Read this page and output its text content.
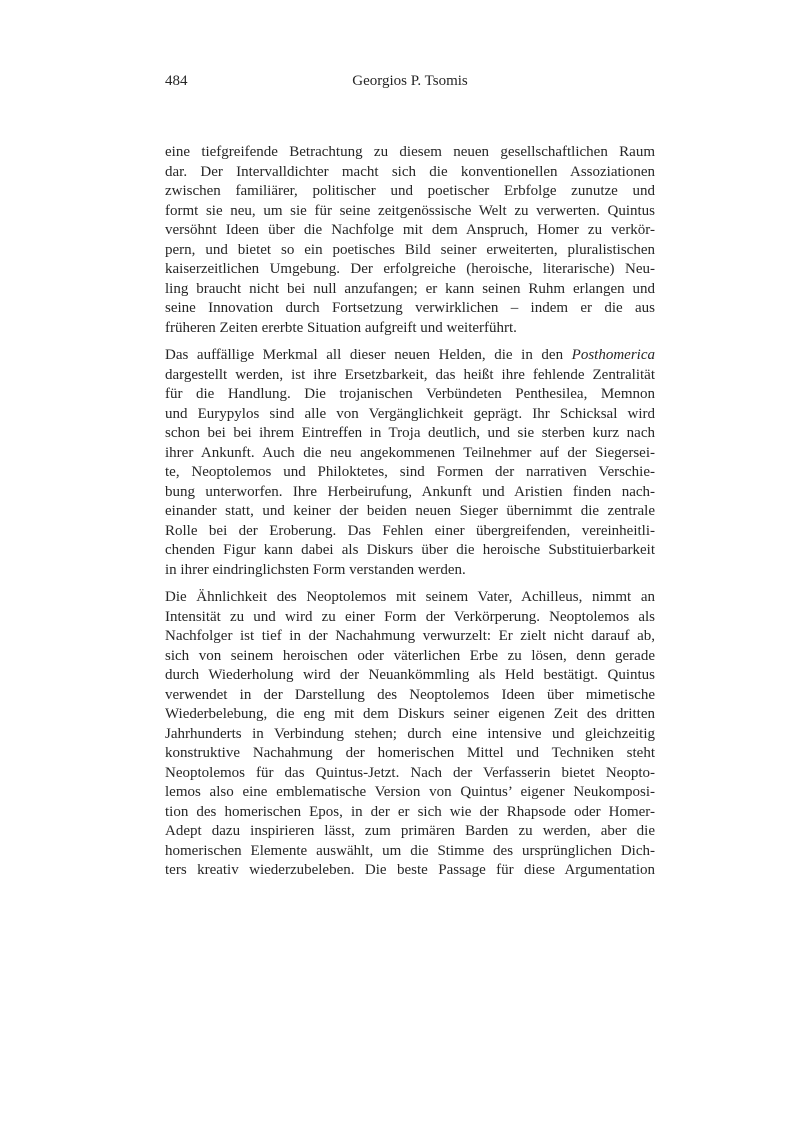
484	Georgios P. Tsomis
eine tiefgreifende Betrachtung zu diesem neuen gesellschaftlichen Raum
dar. Der Intervalldichter macht sich die konventionellen Assoziationen
zwischen familiärer, politischer und poetischer Erbfolge zunutze und
formt sie neu, um sie für seine zeitgenössische Welt zu verwerten. Quintus
versöhnt Ideen über die Nachfolge mit dem Anspruch, Homer zu verkör-
pern, und bietet so ein poetisches Bild seiner erweiterten, pluralistischen
kaiserzeitlichen Umgebung. Der erfolgreiche (heroische, literarische) Neu-
ling braucht nicht bei null anzufangen; er kann seinen Ruhm erlangen und
seine Innovation durch Fortsetzung verwirklichen – indem er die aus
früheren Zeiten ererbte Situation aufgreift und weiterführt.
Das auffällige Merkmal all dieser neuen Helden, die in den Posthomerica
dargestellt werden, ist ihre Ersetzbarkeit, das heißt ihre fehlende Zentralität
für die Handlung. Die trojanischen Verbündeten Penthesilea, Memnon
und Eurypylos sind alle von Vergänglichkeit geprägt. Ihr Schicksal wird
schon bei bei ihrem Eintreffen in Troja deutlich, und sie sterben kurz nach
ihrer Ankunft. Auch die neu angekommenen Teilnehmer auf der Siegersei-
te, Neoptolemos und Philoktetes, sind Formen der narrativen Verschie-
bung unterworfen. Ihre Herbeirufung, Ankunft und Aristien finden nach-
einander statt, und keiner der beiden neuen Sieger übernimmt die zentrale
Rolle bei der Eroberung. Das Fehlen einer übergreifenden, vereinheitli-
chenden Figur kann dabei als Diskurs über die heroische Substituierbarkeit
in ihrer eindringlichsten Form verstanden werden.
Die Ähnlichkeit des Neoptolemos mit seinem Vater, Achilleus, nimmt an
Intensität zu und wird zu einer Form der Verkörperung. Neoptolemos als
Nachfolger ist tief in der Nachahmung verwurzelt: Er zielt nicht darauf ab,
sich von seinem heroischen oder väterlichen Erbe zu lösen, denn gerade
durch Wiederholung wird der Neuankömmling als Held bestätigt. Quintus
verwendet in der Darstellung des Neoptolemos Ideen über mimetische
Wiederbelebung, die eng mit dem Diskurs seiner eigenen Zeit des dritten
Jahrhunderts in Verbindung stehen; durch eine intensive und gleichzeitig
konstruktive Nachahmung der homerischen Mittel und Techniken steht
Neoptolemos für das Quintus-Jetzt. Nach der Verfasserin bietet Neopto-
lemos also eine emblematische Version von Quintus’ eigener Neukomposi-
tion des homerischen Epos, in der er sich wie der Rhapsode oder Homer-
Adept dazu inspirieren lässt, zum primären Barden zu werden, aber die
homerischen Elemente auswählt, um die Stimme des ursprünglichen Dich-
ters kreativ wiederzubeleben. Die beste Passage für diese Argumentation
